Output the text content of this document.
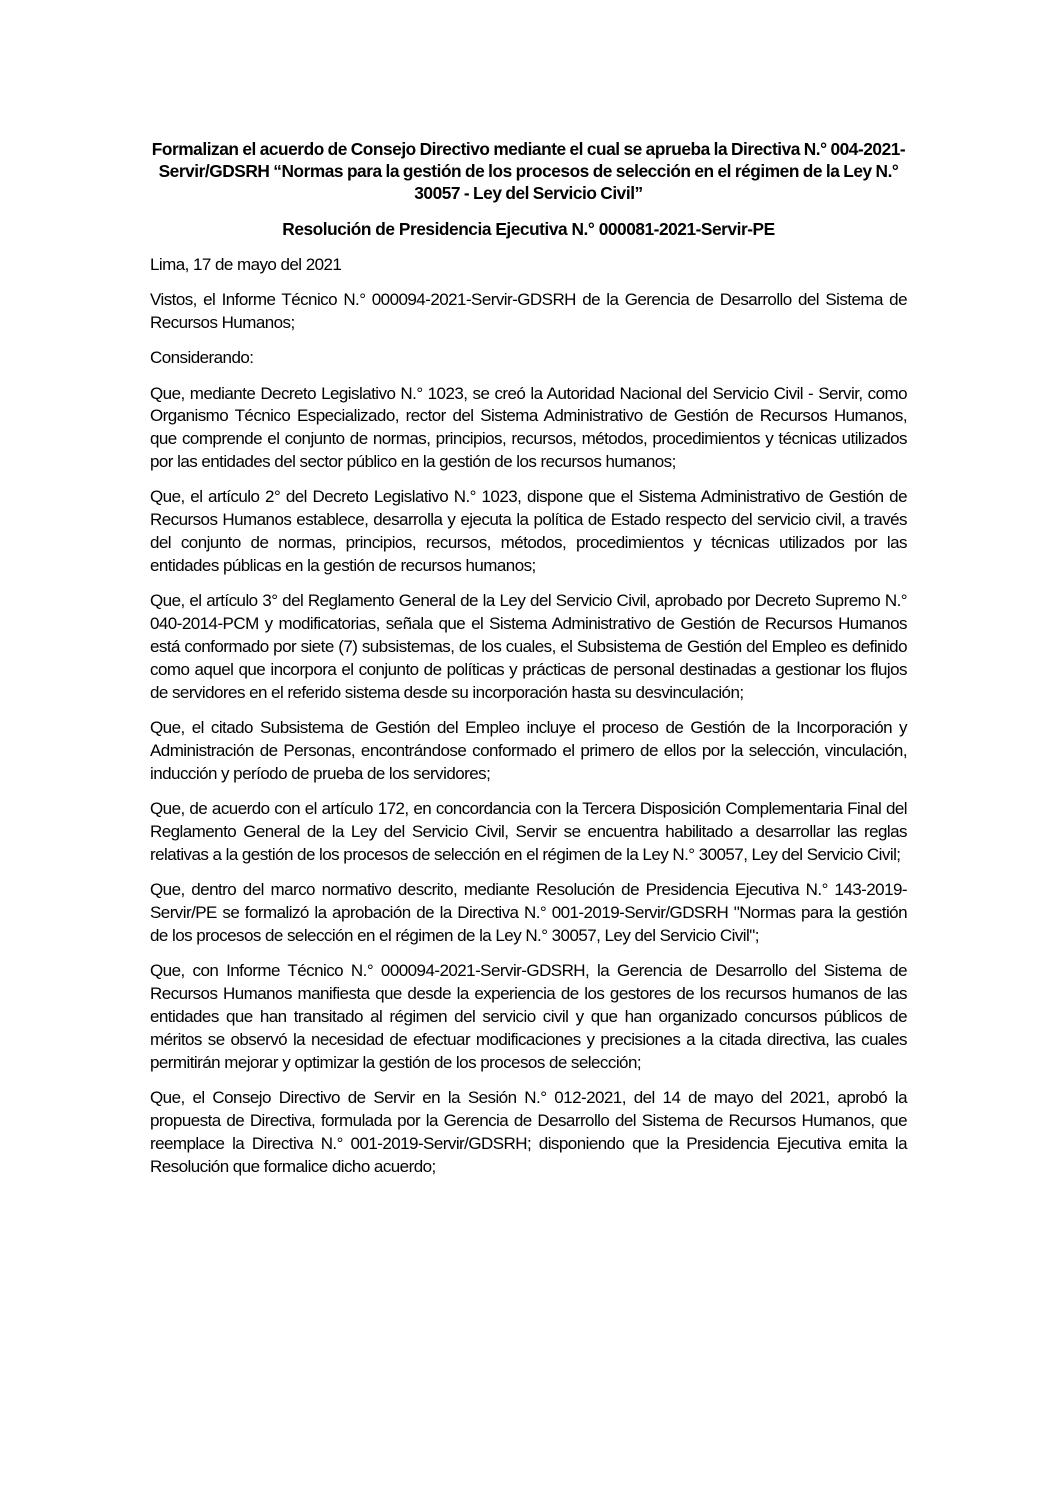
Formalizan el acuerdo de Consejo Directivo mediante el cual se aprueba la Directiva N.° 004-2021-Servir/GDSRH “Normas para la gestión de los procesos de selección en el régimen de la Ley N.° 30057 - Ley del Servicio Civil”
Resolución de Presidencia Ejecutiva N.° 000081-2021-Servir-PE

Lima, 17 de mayo del 2021

Vistos, el Informe Técnico N.° 000094-2021-Servir-GDSRH de la Gerencia de Desarrollo del Sistema de Recursos Humanos;

Considerando:

Que, mediante Decreto Legislativo N.° 1023, se creó la Autoridad Nacional del Servicio Civil - Servir, como Organismo Técnico Especializado, rector del Sistema Administrativo de Gestión de Recursos Humanos, que comprende el conjunto de normas, principios, recursos, métodos, procedimientos y técnicas utilizados por las entidades del sector público en la gestión de los recursos humanos;

Que, el artículo 2° del Decreto Legislativo N.° 1023, dispone que el Sistema Administrativo de Gestión de Recursos Humanos establece, desarrolla y ejecuta la política de Estado respecto del servicio civil, a través del conjunto de normas, principios, recursos, métodos, procedimientos y técnicas utilizados por las entidades públicas en la gestión de recursos humanos;

Que, el artículo 3° del Reglamento General de la Ley del Servicio Civil, aprobado por Decreto Supremo N.° 040-2014-PCM y modificatorias, señala que el Sistema Administrativo de Gestión de Recursos Humanos está conformado por siete (7) subsistemas, de los cuales, el Subsistema de Gestión del Empleo es definido como aquel que incorpora el conjunto de políticas y prácticas de personal destinadas a gestionar los flujos de servidores en el referido sistema desde su incorporación hasta su desvinculación;

Que, el citado Subsistema de Gestión del Empleo incluye el proceso de Gestión de la Incorporación y Administración de Personas, encontrándose conformado el primero de ellos por la selección, vinculación, inducción y período de prueba de los servidores;

Que, de acuerdo con el artículo 172, en concordancia con la Tercera Disposición Complementaria Final del Reglamento General de la Ley del Servicio Civil, Servir se encuentra habilitado a desarrollar las reglas relativas a la gestión de los procesos de selección en el régimen de la Ley N.° 30057, Ley del Servicio Civil;

Que, dentro del marco normativo descrito, mediante Resolución de Presidencia Ejecutiva N.° 143-2019-Servir/PE se formalizó la aprobación de la Directiva N.° 001-2019-Servir/GDSRH "Normas para la gestión de los procesos de selección en el régimen de la Ley N.° 30057, Ley del Servicio Civil";

Que, con Informe Técnico N.° 000094-2021-Servir-GDSRH, la Gerencia de Desarrollo del Sistema de Recursos Humanos manifiesta que desde la experiencia de los gestores de los recursos humanos de las entidades que han transitado al régimen del servicio civil y que han organizado concursos públicos de méritos se observó la necesidad de efectuar modificaciones y precisiones a la citada directiva, las cuales permitirán mejorar y optimizar la gestión de los procesos de selección;

Que, el Consejo Directivo de Servir en la Sesión N.° 012-2021, del 14 de mayo del 2021, aprobó la propuesta de Directiva, formulada por la Gerencia de Desarrollo del Sistema de Recursos Humanos, que reemplace la Directiva N.° 001-2019-Servir/GDSRH; disponiendo que la Presidencia Ejecutiva emita la Resolución que formalice dicho acuerdo;
